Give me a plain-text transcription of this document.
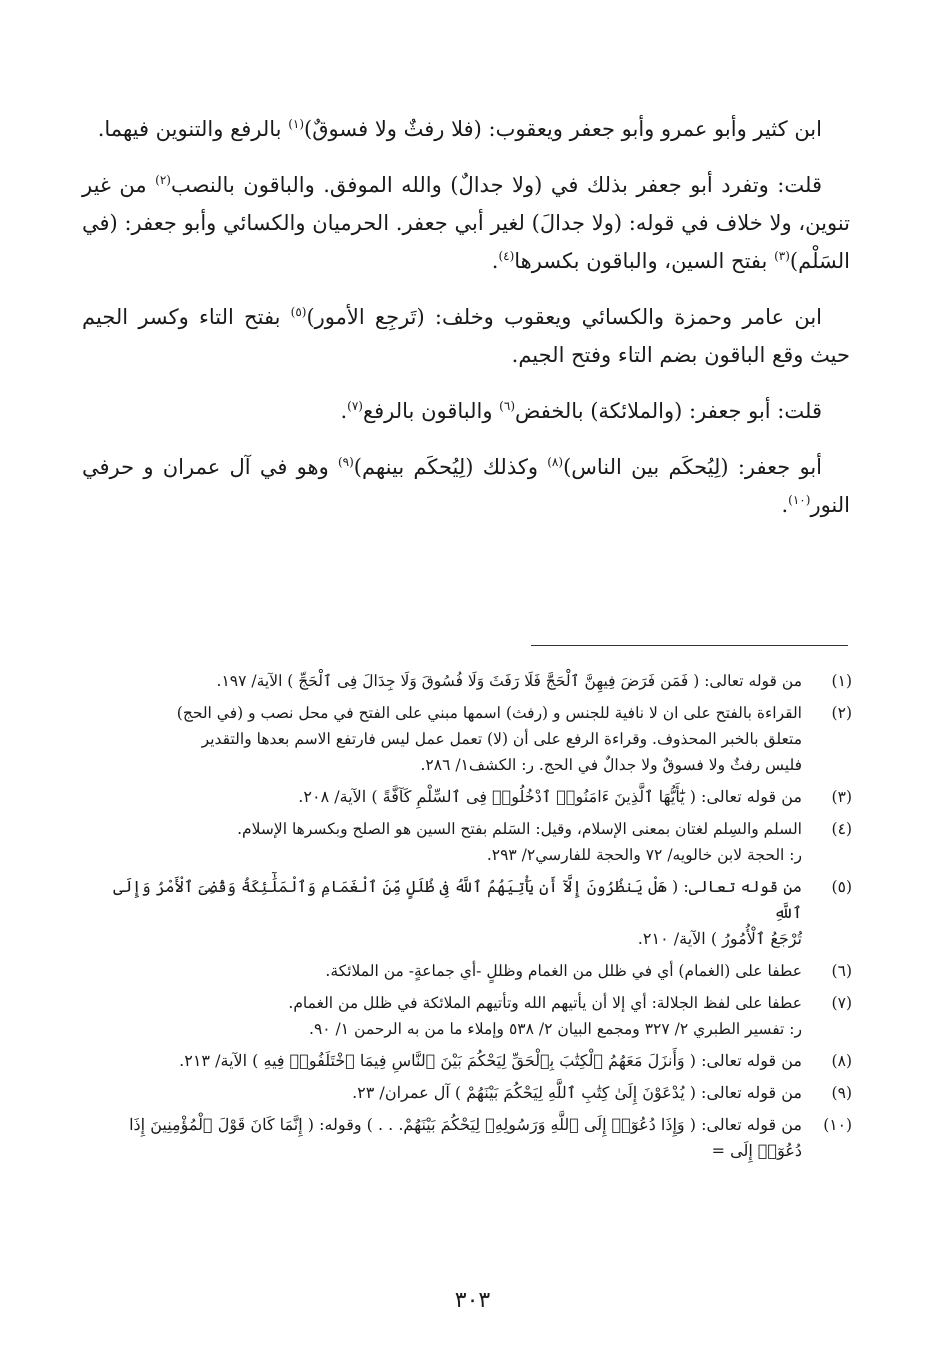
ابن كثير وأبو عمرو وأبو جعفر ويعقوب: (فلا رفثٌ ولا فسوقٌ)$^{(١)}$ بالرفع والتنوين فيهما.

قلت: وتفرد أبو جعفر بذلك في (ولا جدالٌ) والله الموفق. والباقون بالنصب$^{(٢)}$ من غير تنوين، ولا خلاف في قوله: (ولا جدالَ) لغير أبي جعفر. الحرميان والكسائي وأبو جعفر: (في السَلْم)$^{(٣)}$ بفتح السين، والباقون بكسرها$^{(٤)}$.

ابن عامر وحمزة والكسائي ويعقوب وخلف: (تَرجِع الأمور)$^{(٥)}$ بفتح التاء وكسر الجيم حيث وقع الباقون بضم التاء وفتح الجيم.

قلت: أبو جعفر: (والملائكة) بالخفض$^{(٦)}$ والباقون بالرفع$^{(٧)}$.

أبو جعفر: (لِيُحكَم بين الناس)$^{(٨)}$ وكذلك (لِيُحكَم بينهم)$^{(٩)}$ وهو في آل عمران و حرفي النور$^{(١٠)}$.

(١)
من قوله تعالى: ( فَمَن فَرَضَ فِيهِنَّ ٱلْحَجَّ فَلَا رَفَثَ وَلَا فُسُوقَ وَلَا جِدَالَ فِى ٱلْحَجِّ ) الآية/ ١٩٧.
(٢)
القراءة بالفتح على ان لا نافية للجنس و (رفث) اسمها مبني على الفتح في محل نصب و (في الحج)
متعلق بالخبر المحذوف. وقراءة الرفع على أن (لا) تعمل عمل ليس فارتفع الاسم بعدها والتقدير
فليس رفثٌ ولا فسوقٌ ولا جدالٌ في الحج. ر: الكشف١/ ٢٨٦.
(٣)
من قوله تعالى: ( يَٰٓأَيُّهَا ٱلَّذِينَ ءَامَنُوا۟ ٱدْخُلُوا۟ فِى ٱلسِّلْمِ كَآفَّةً ) الآية/ ٢٠٨.
(٤)
السلم والسِلم لغتان بمعنى الإسلام، وقيل: السَلم بفتح السين هو الصلح وبكسرها الإسلام.
ر: الحجة لابن خالويه/ ٧٢ والحجة للفارسي٢/ ٢٩٣.
(٥)
من قوله تعالى: ( هَلْ يَنظُرُونَ إِلَّآ أَن يَأْتِيَهُمُ ٱللَّهُ فِى ظُلَلٍ مِّنَ ٱلْغَمَامِ وَٱلْمَلَٰٓئِكَةُ وَقُضِىَ ٱلْأَمْرُ وَإِلَى ٱللَّهِ
تُرْجَعُ ٱلْأُمُورُ ) الآية/ ٢١٠.
(٦)
عطفا على (الغمام) أي في ظلل من الغمام وظللٍ -أي جماعةٍ- من الملائكة.
(٧)
عطفا على لفظ الجلالة: أي إلا أن يأتيهم الله وتأتيهم الملائكة في ظلل من الغمام.
ر: تفسير الطبري ٢/ ٣٢٧ ومجمع البيان ٢/ ٥٣٨ وإملاء ما من به الرحمن ١/ ٩٠.
(٨)
من قوله تعالى: ( وَأَنزَلَ مَعَهُمُ ٱلْكِتَٰبَ بِٱلْحَقِّ لِيَحْكُمَ بَيْنَ ٱلنَّاسِ فِيمَا ٱخْتَلَفُوا۟ فِيهِ ) الآية/ ٢١٣.
(٩)
من قوله تعالى: ( يُدْعَوْنَ إِلَىٰ كِتَٰبِ ٱللَّهِ لِيَحْكُمَ بَيْنَهُمْ ) آل عمران/ ٢٣.
(١٠)
من قوله تعالى: ( وَإِذَا دُعُوٓا۟ إِلَى ٱللَّهِ وَرَسُولِهِۦ لِيَحْكُمَ بَيْنَهُمْ. . . ) وقوله: ( إِنَّمَا كَانَ قَوْلَ ٱلْمُؤْمِنِينَ إِذَا دُعُوٓا۟ إِلَى =
٣٠٣
